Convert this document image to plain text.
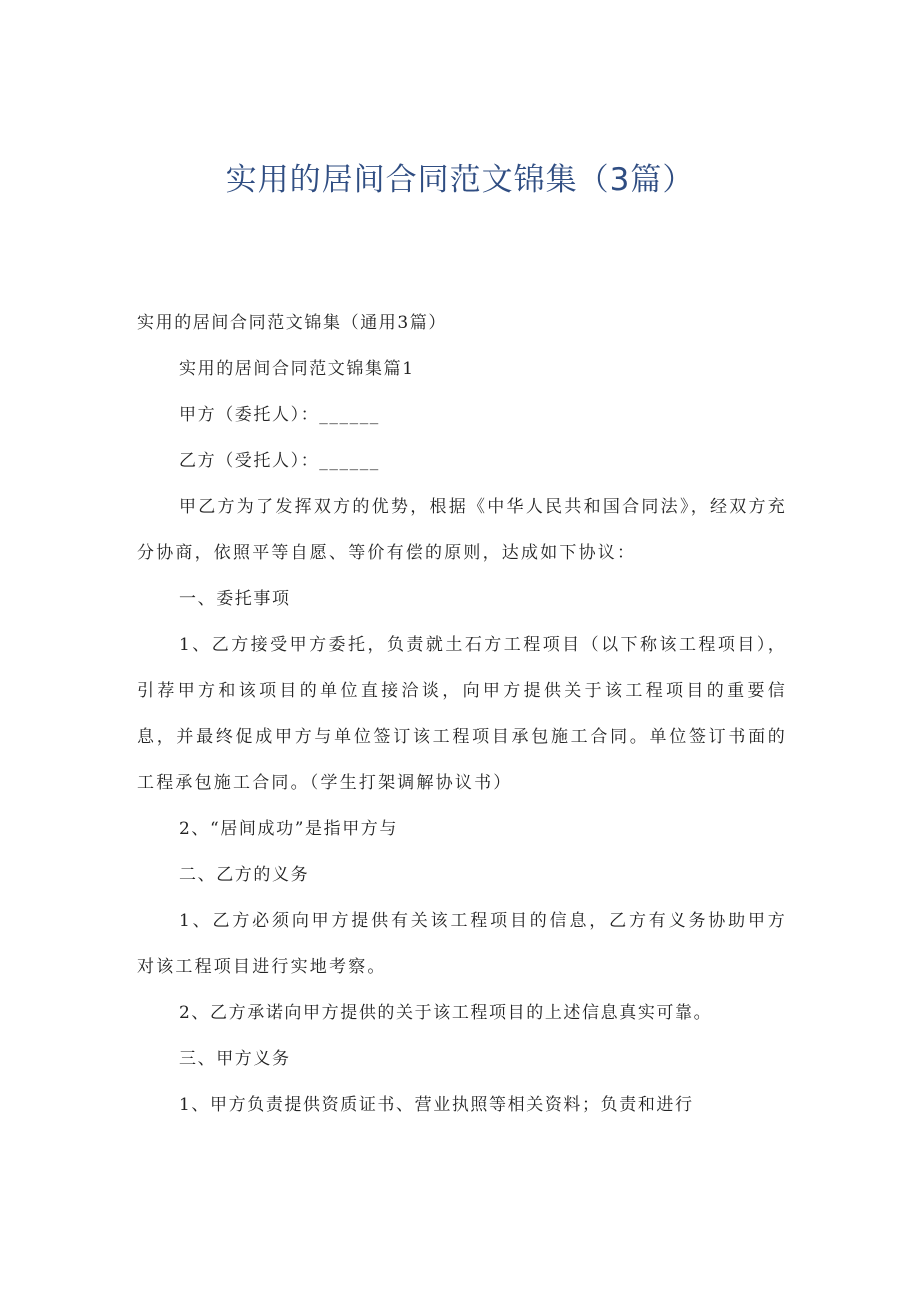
实用的居间合同范文锦集（3篇）

实用的居间合同范文锦集（通用3篇）

实用的居间合同范文锦集篇1

甲方（委托人）：______

乙方（受托人）：______

甲乙方为了发挥双方的优势，根据《中华人民共和国合同法》，经双方充分协商，依照平等自愿、等价有偿的原则，达成如下协议：

一、委托事项

1、乙方接受甲方委托，负责就土石方工程项目（以下称该工程项目），引荐甲方和该项目的单位直接洽谈，向甲方提供关于该工程项目的重要信息，并最终促成甲方与单位签订该工程项目承包施工合同。单位签订书面的工程承包施工合同。（学生打架调解协议书）

2、“居间成功”是指甲方与

二、乙方的义务

1、乙方必须向甲方提供有关该工程项目的信息，乙方有义务协助甲方对该工程项目进行实地考察。

2、乙方承诺向甲方提供的关于该工程项目的上述信息真实可靠。

三、甲方义务

1、甲方负责提供资质证书、营业执照等相关资料；负责和进行
